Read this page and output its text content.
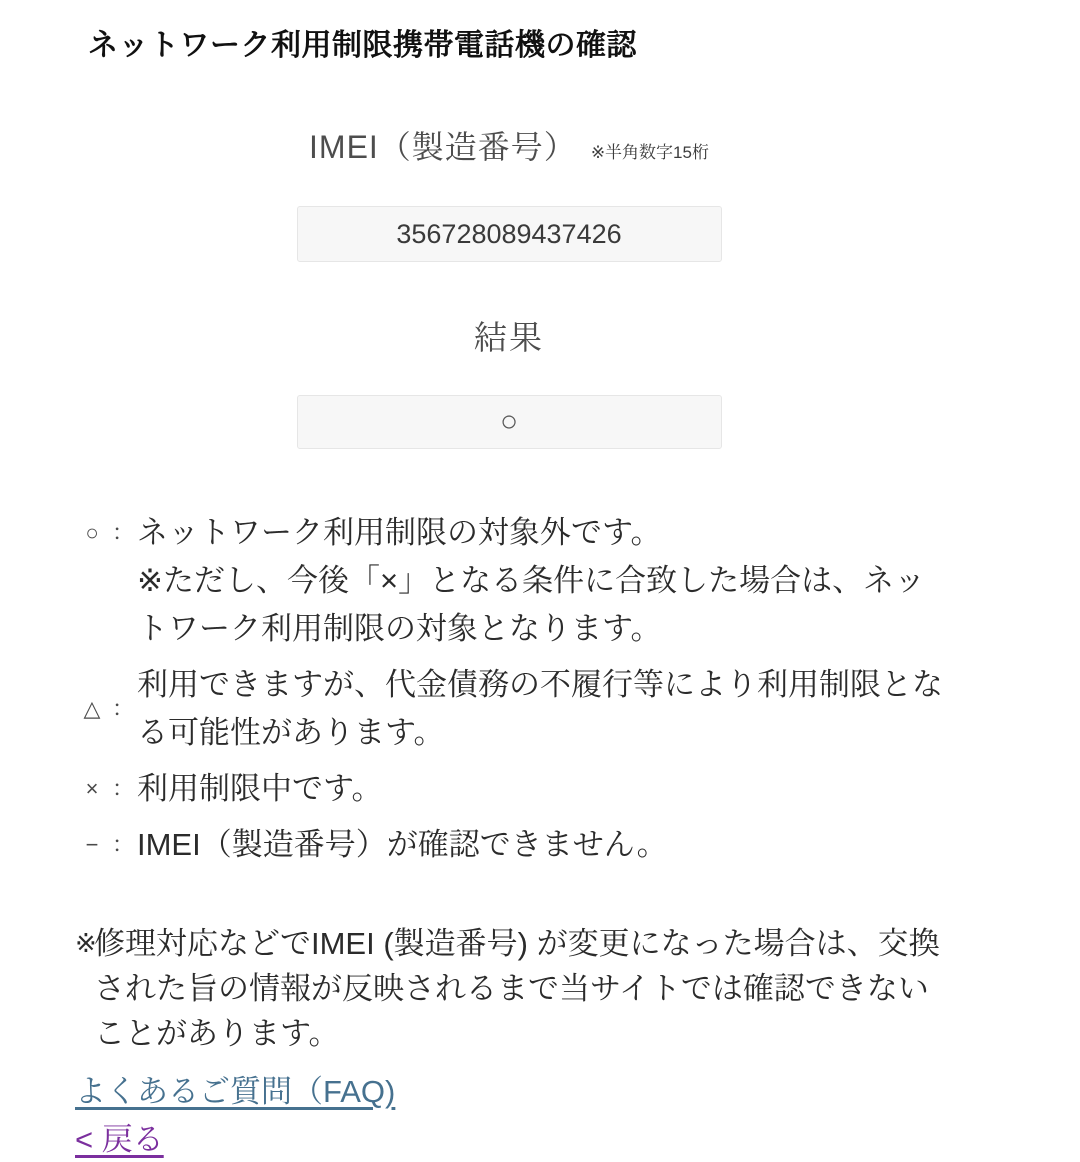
ネットワーク利用制限携帯電話機の確認
IMEI（製造番号） ※半角数字15桁
356728089437426
結果
○
○ ： ネットワーク利用制限の対象外です。
※ただし、今後「×」となる条件に合致した場合は、ネットワーク利用制限の対象となります。
△ ：
利用できますが、代金債務の不履行等により利用制限となる可能性があります。
× ： 利用制限中です。
− ： IMEI（製造番号）が確認できません。
※
修理対応などでIMEI (製造番号) が変更になった場合は、交換された旨の情報が反映されるまで当サイトでは確認できないことがあります。
よくあるご質問（FAQ)
< 戻る
